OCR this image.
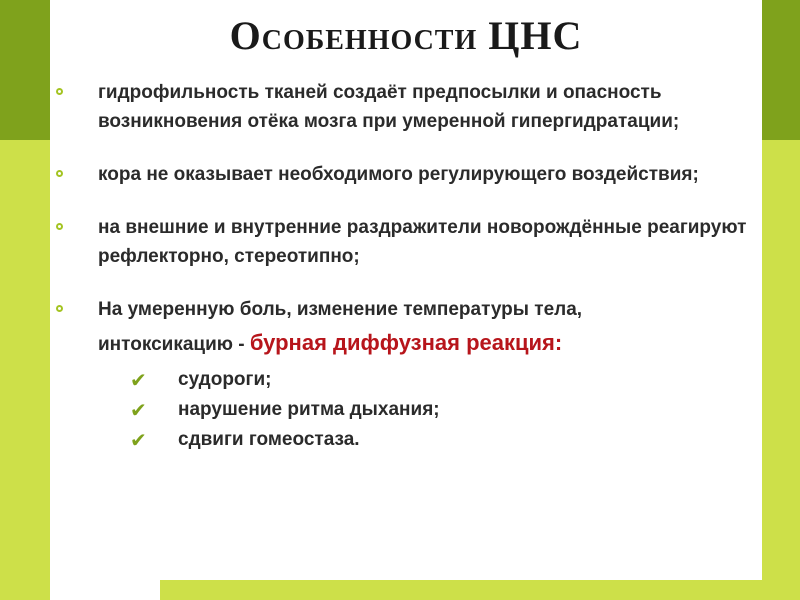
Особенности ЦНС
гидрофильность тканей создаёт предпосылки и опасность возникновения отёка мозга при умеренной гипергидратации;
кора не оказывает необходимого регулирующего воздействия;
на внешние и внутренние раздражители новорождённые реагируют рефлекторно, стереотипно;
На умеренную боль, изменение температуры тела,
интоксикацию - бурная диффузная реакция:
✔ судороги;
✔ нарушение ритма дыхания;
✔ сдвиги гомеостаза.
